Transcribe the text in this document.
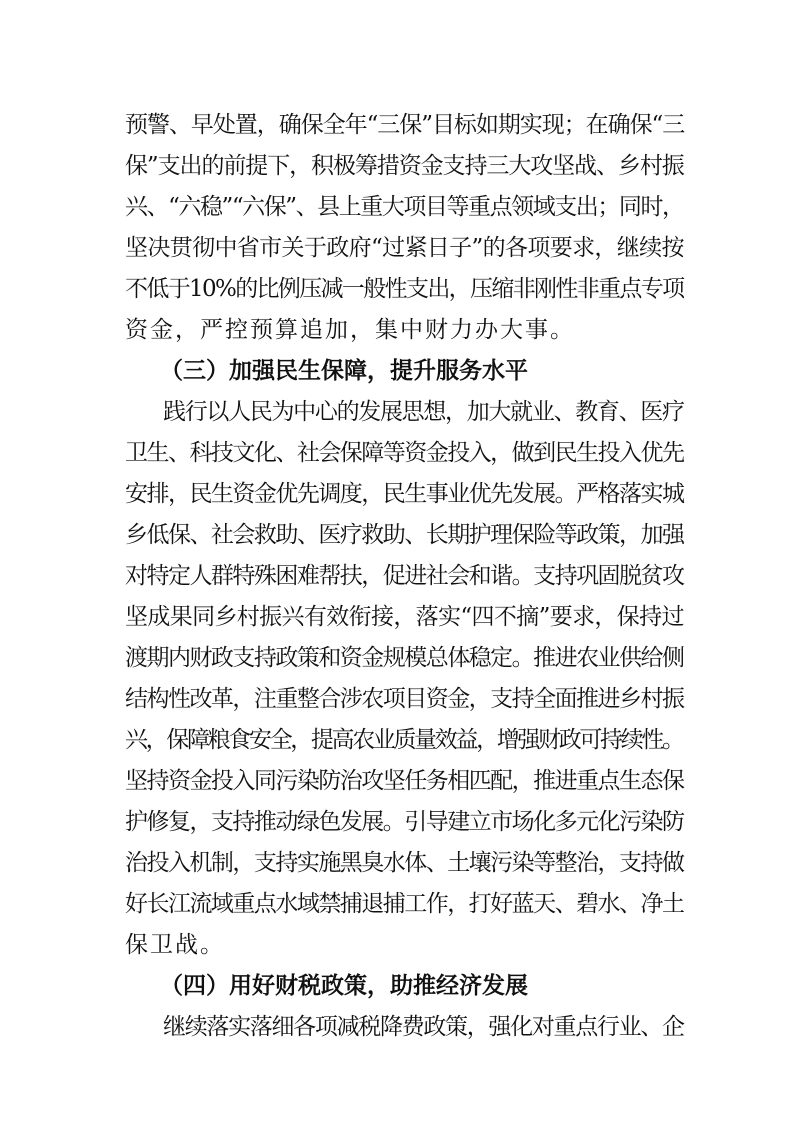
预警、早处置，确保全年“三保”目标如期实现；在确保“三
保”支出的前提下，积极筹措资金支持三大攻坚战、乡村振
兴、“六稳”“六保”、县上重大项目等重点领域支出；同时，
坚决贯彻中省市关于政府“过紧日子”的各项要求，继续按
不低于10%的比例压减一般性支出，压缩非刚性非重点专项
资金，严控预算追加，集中财力办大事。
（三）加强民生保障，提升服务水平
践行以人民为中心的发展思想，加大就业、教育、医疗
卫生、科技文化、社会保障等资金投入，做到民生投入优先
安排，民生资金优先调度，民生事业优先发展。严格落实城
乡低保、社会救助、医疗救助、长期护理保险等政策，加强
对特定人群特殊困难帮扶，促进社会和谐。支持巩固脱贫攻
坚成果同乡村振兴有效衔接，落实“四不摘”要求，保持过
渡期内财政支持政策和资金规模总体稳定。推进农业供给侧
结构性改革，注重整合涉农项目资金，支持全面推进乡村振
兴，保障粮食安全，提高农业质量效益，增强财政可持续性。
坚持资金投入同污染防治攻坚任务相匹配，推进重点生态保
护修复，支持推动绿色发展。引导建立市场化多元化污染防
治投入机制，支持实施黑臭水体、土壤污染等整治，支持做
好长江流域重点水域禁捕退捕工作，打好蓝天、碧水、净土
保卫战。
（四）用好财税政策，助推经济发展
继续落实落细各项减税降费政策，强化对重点行业、企
